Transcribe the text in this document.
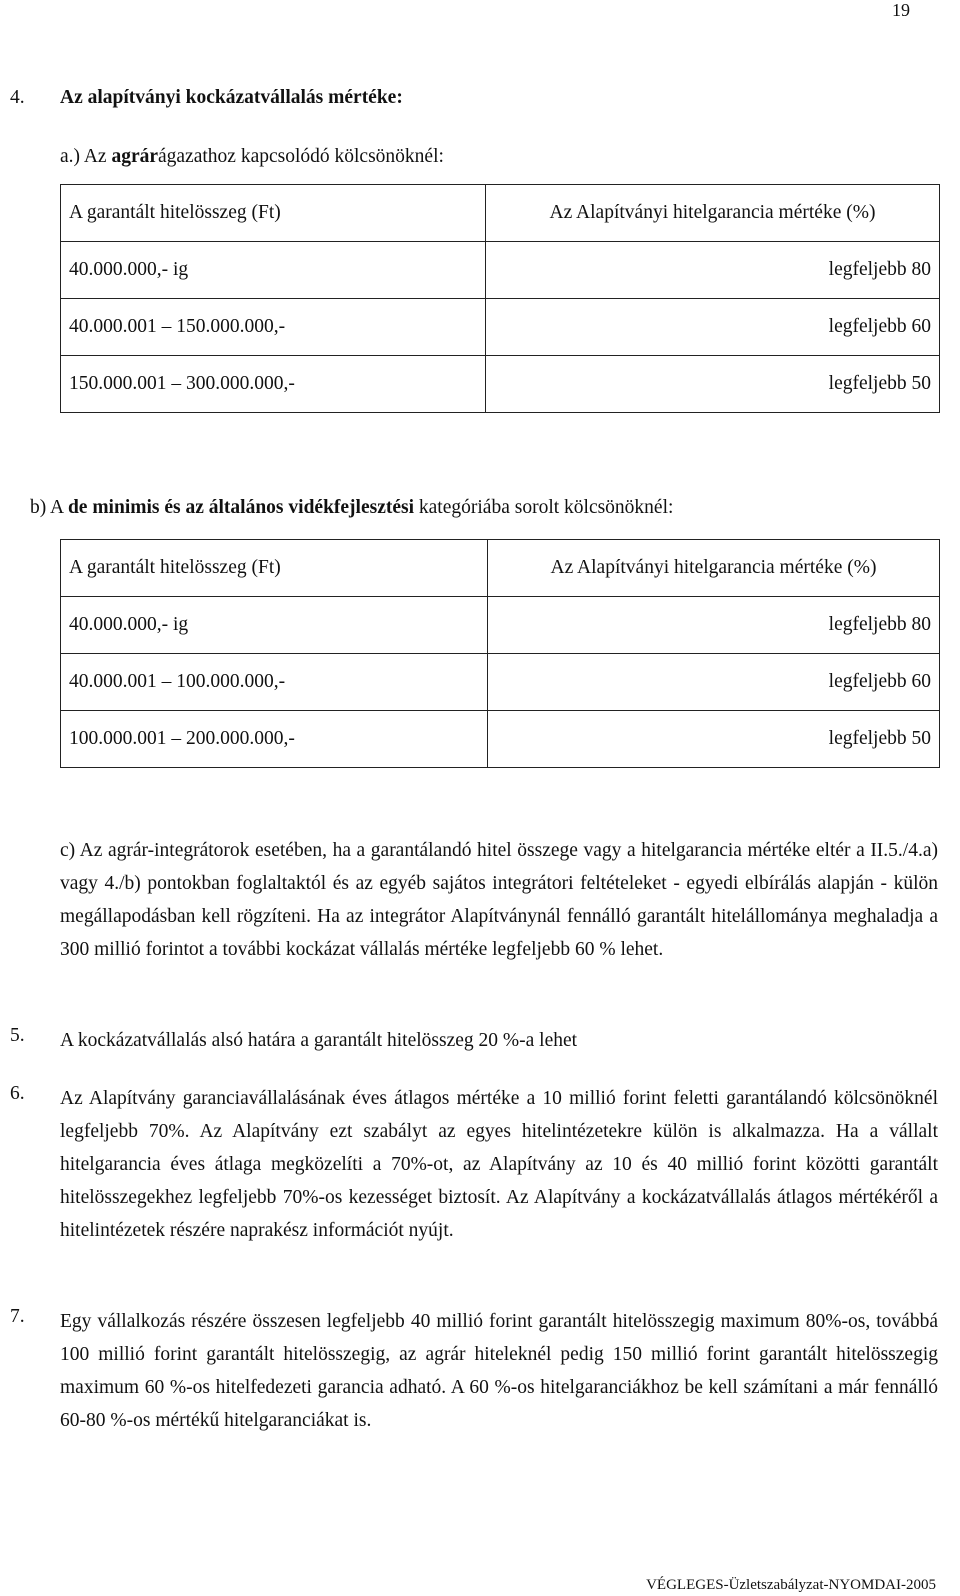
19
4. Az alapítványi kockázatvállalás mértéke:
a.) Az agrárágazathoz kapcsolódó kölcsönöknél:
A garantált hitelösszeg (Ft)	Az Alapítványi hitelgarancia mértéke (%)
40.000.000,- ig	legfeljebb 80
40.000.001 – 150.000.000,-	legfeljebb 60
150.000.001 – 300.000.000,-	legfeljebb 50
b) A de minimis és az általános vidékfejlesztési kategóriába sorolt kölcsönöknél:
A garantált hitelösszeg (Ft)	Az Alapítványi hitelgarancia mértéke (%)
40.000.000,- ig	legfeljebb 80
40.000.001 – 100.000.000,-	legfeljebb 60
100.000.001 – 200.000.000,-	legfeljebb 50
c) Az agrár-integrátorok esetében, ha a garantálandó hitel összege vagy a hitelgarancia mértéke eltér a II.5./4.a) vagy 4./b) pontokban foglaltaktól és az egyéb sajátos integrátori feltételeket - egyedi elbírálás alapján - külön megállapodásban kell rögzíteni. Ha az integrátor Alapítványnál fennálló garantált hitelállománya meghaladja a 300 millió forintot a további kockázat vállalás mértéke legfeljebb 60 % lehet.
5. A kockázatvállalás alsó határa a garantált hitelösszeg 20 %-a lehet
6. Az Alapítvány garanciavállalásának éves átlagos mértéke a 10 millió forint feletti garantálandó kölcsönöknél legfeljebb 70%. Az Alapítvány ezt szabályt az egyes hitelintézetekre külön is alkalmazza. Ha a vállalt hitelgarancia éves átlaga megközelíti a 70%-ot, az Alapítvány az 10 és 40 millió forint közötti garantált hitelösszegekhez legfeljebb 70%-os kezességet biztosít. Az Alapítvány a kockázatvállalás átlagos mértékéről a hitelintézetek részére naprakész információt nyújt.
7. Egy vállalkozás részére összesen legfeljebb 40 millió forint garantált hitelösszegig maximum 80%-os, továbbá 100 millió forint garantált hitelösszegig, az agrár hiteleknél pedig 150 millió forint garantált hitelösszegig maximum 60 %-os hitelfedezeti garancia adható. A 60 %-os hitelgaranciákhoz be kell számítani a már fennálló 60-80 %-os mértékű hitelgaranciákat is.
VÉGLEGES-Üzletszabályzat-NYOMDAI-2005
